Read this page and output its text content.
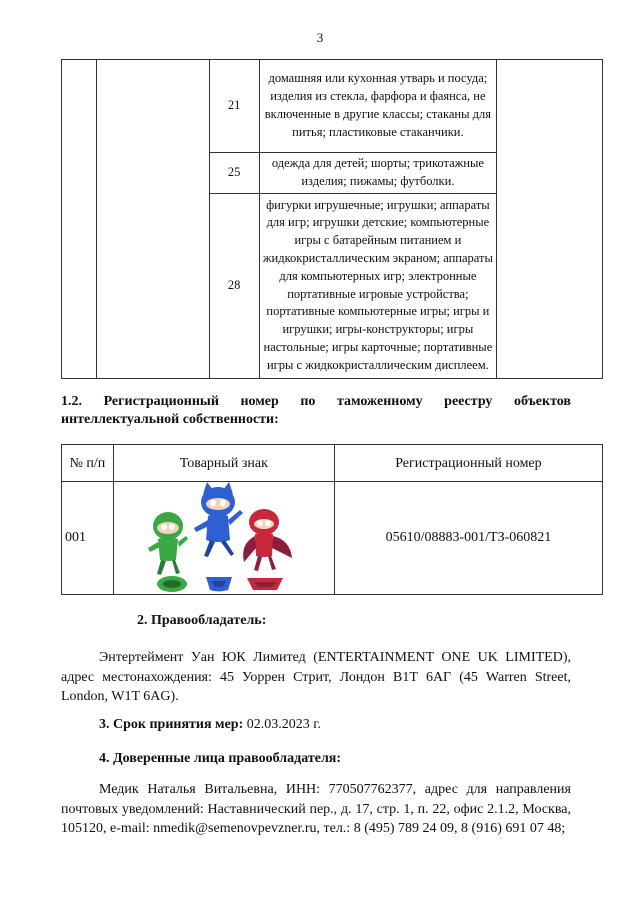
3
		21	домашняя или кухонная утварь и посуда; изделия из стекла, фарфора и фаянса, не включенные в другие классы; стаканы для питья; пластиковые стаканчики.	
		25	одежда для детей; шорты; трикотажные изделия; пижамы; футболки.	
		28	фигурки игрушечные; игрушки; аппараты для игр; игрушки детские; компьютерные игры с батарейным питанием и жидкокристаллическим экраном; аппараты для компьютерных игр; электронные портативные игровые устройства; портативные компьютерные игры; игры и игрушки; игры-конструкторы; игры настольные; игры карточные; портативные игры с жидкокристаллическим дисплеем.	
1.2. Регистрационный номер по таможенному реестру объектов интеллектуальной собственности:
№ п/п	Товарный знак	Регистрационный номер
001		05610/08883-001/ТЗ-060821
2. Правообладатель:
Энтертеймент Уан ЮК Лимитед (ENTERTAINMENT ONE UK LIMITED), адрес местонахождения: 45 Уоррен Стрит, Лондон В1Т 6АГ (45 Warren Street, London, W1T 6AG).
3. Срок принятия мер: 02.03.2023 г.
4. Доверенные лица правообладателя:
Медик Наталья Витальевна, ИНН: 770507762377, адрес для направления почтовых уведомлений: Наставнический пер., д. 17, стр. 1, п. 22, офис 2.1.2, Москва, 105120, e-mail: nmedik@semenovpevzner.ru, тел.: 8 (495) 789 24 09, 8 (916) 691 07 48;
